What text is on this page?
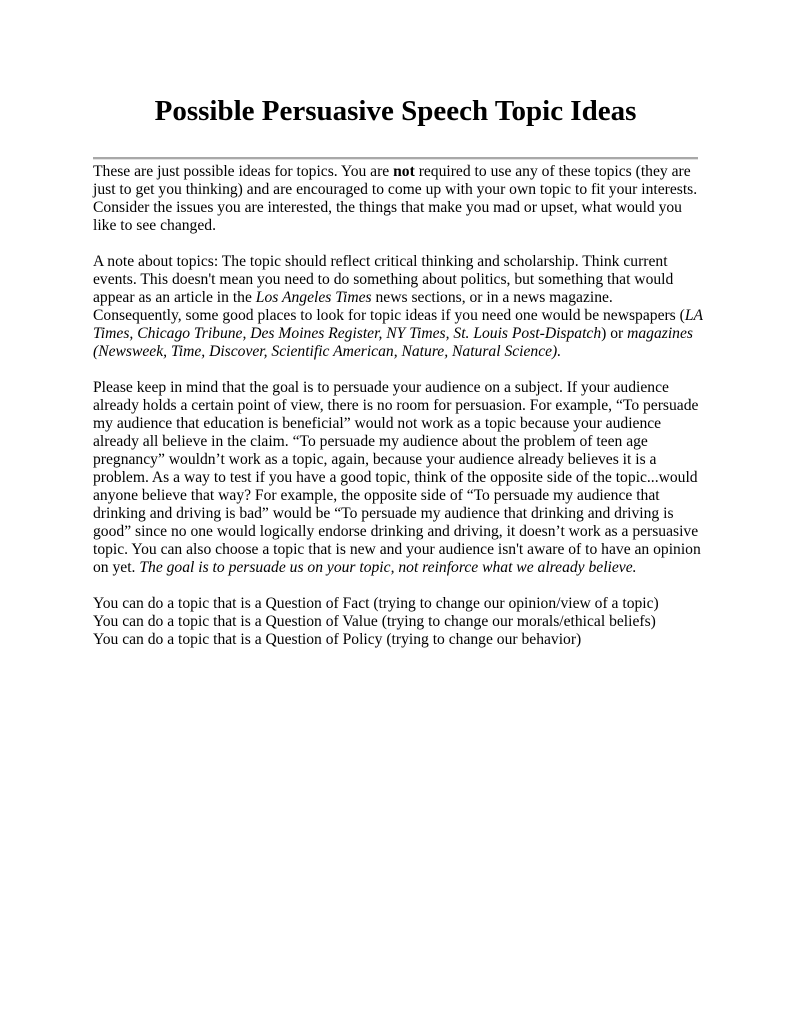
Possible Persuasive Speech Topic Ideas

These are just possible ideas for topics. You are not required to use any of these topics (they are just to get you thinking) and are encouraged to come up with your own topic to fit your interests. Consider the issues you are interested, the things that make you mad or upset, what would you like to see changed.

A note about topics: The topic should reflect critical thinking and scholarship. Think current events. This doesn't mean you need to do something about politics, but something that would appear as an article in the Los Angeles Times news sections, or in a news magazine. Consequently, some good places to look for topic ideas if you need one would be newspapers (LA Times, Chicago Tribune, Des Moines Register, NY Times, St. Louis Post-Dispatch) or magazines (Newsweek, Time, Discover, Scientific American, Nature, Natural Science).

Please keep in mind that the goal is to persuade your audience on a subject. If your audience already holds a certain point of view, there is no room for persuasion. For example, “To persuade my audience that education is beneficial” would not work as a topic because your audience already all believe in the claim. “To persuade my audience about the problem of teen age pregnancy” wouldn’t work as a topic, again, because your audience already believes it is a problem. As a way to test if you have a good topic, think of the opposite side of the topic...would anyone believe that way? For example, the opposite side of “To persuade my audience that drinking and driving is bad” would be “To persuade my audience that drinking and driving is good” since no one would logically endorse drinking and driving, it doesn’t work as a persuasive topic. You can also choose a topic that is new and your audience isn't aware of to have an opinion on yet. The goal is to persuade us on your topic, not reinforce what we already believe.

You can do a topic that is a Question of Fact (trying to change our opinion/view of a topic)
You can do a topic that is a Question of Value (trying to change our morals/ethical beliefs)
You can do a topic that is a Question of Policy (trying to change our behavior)
